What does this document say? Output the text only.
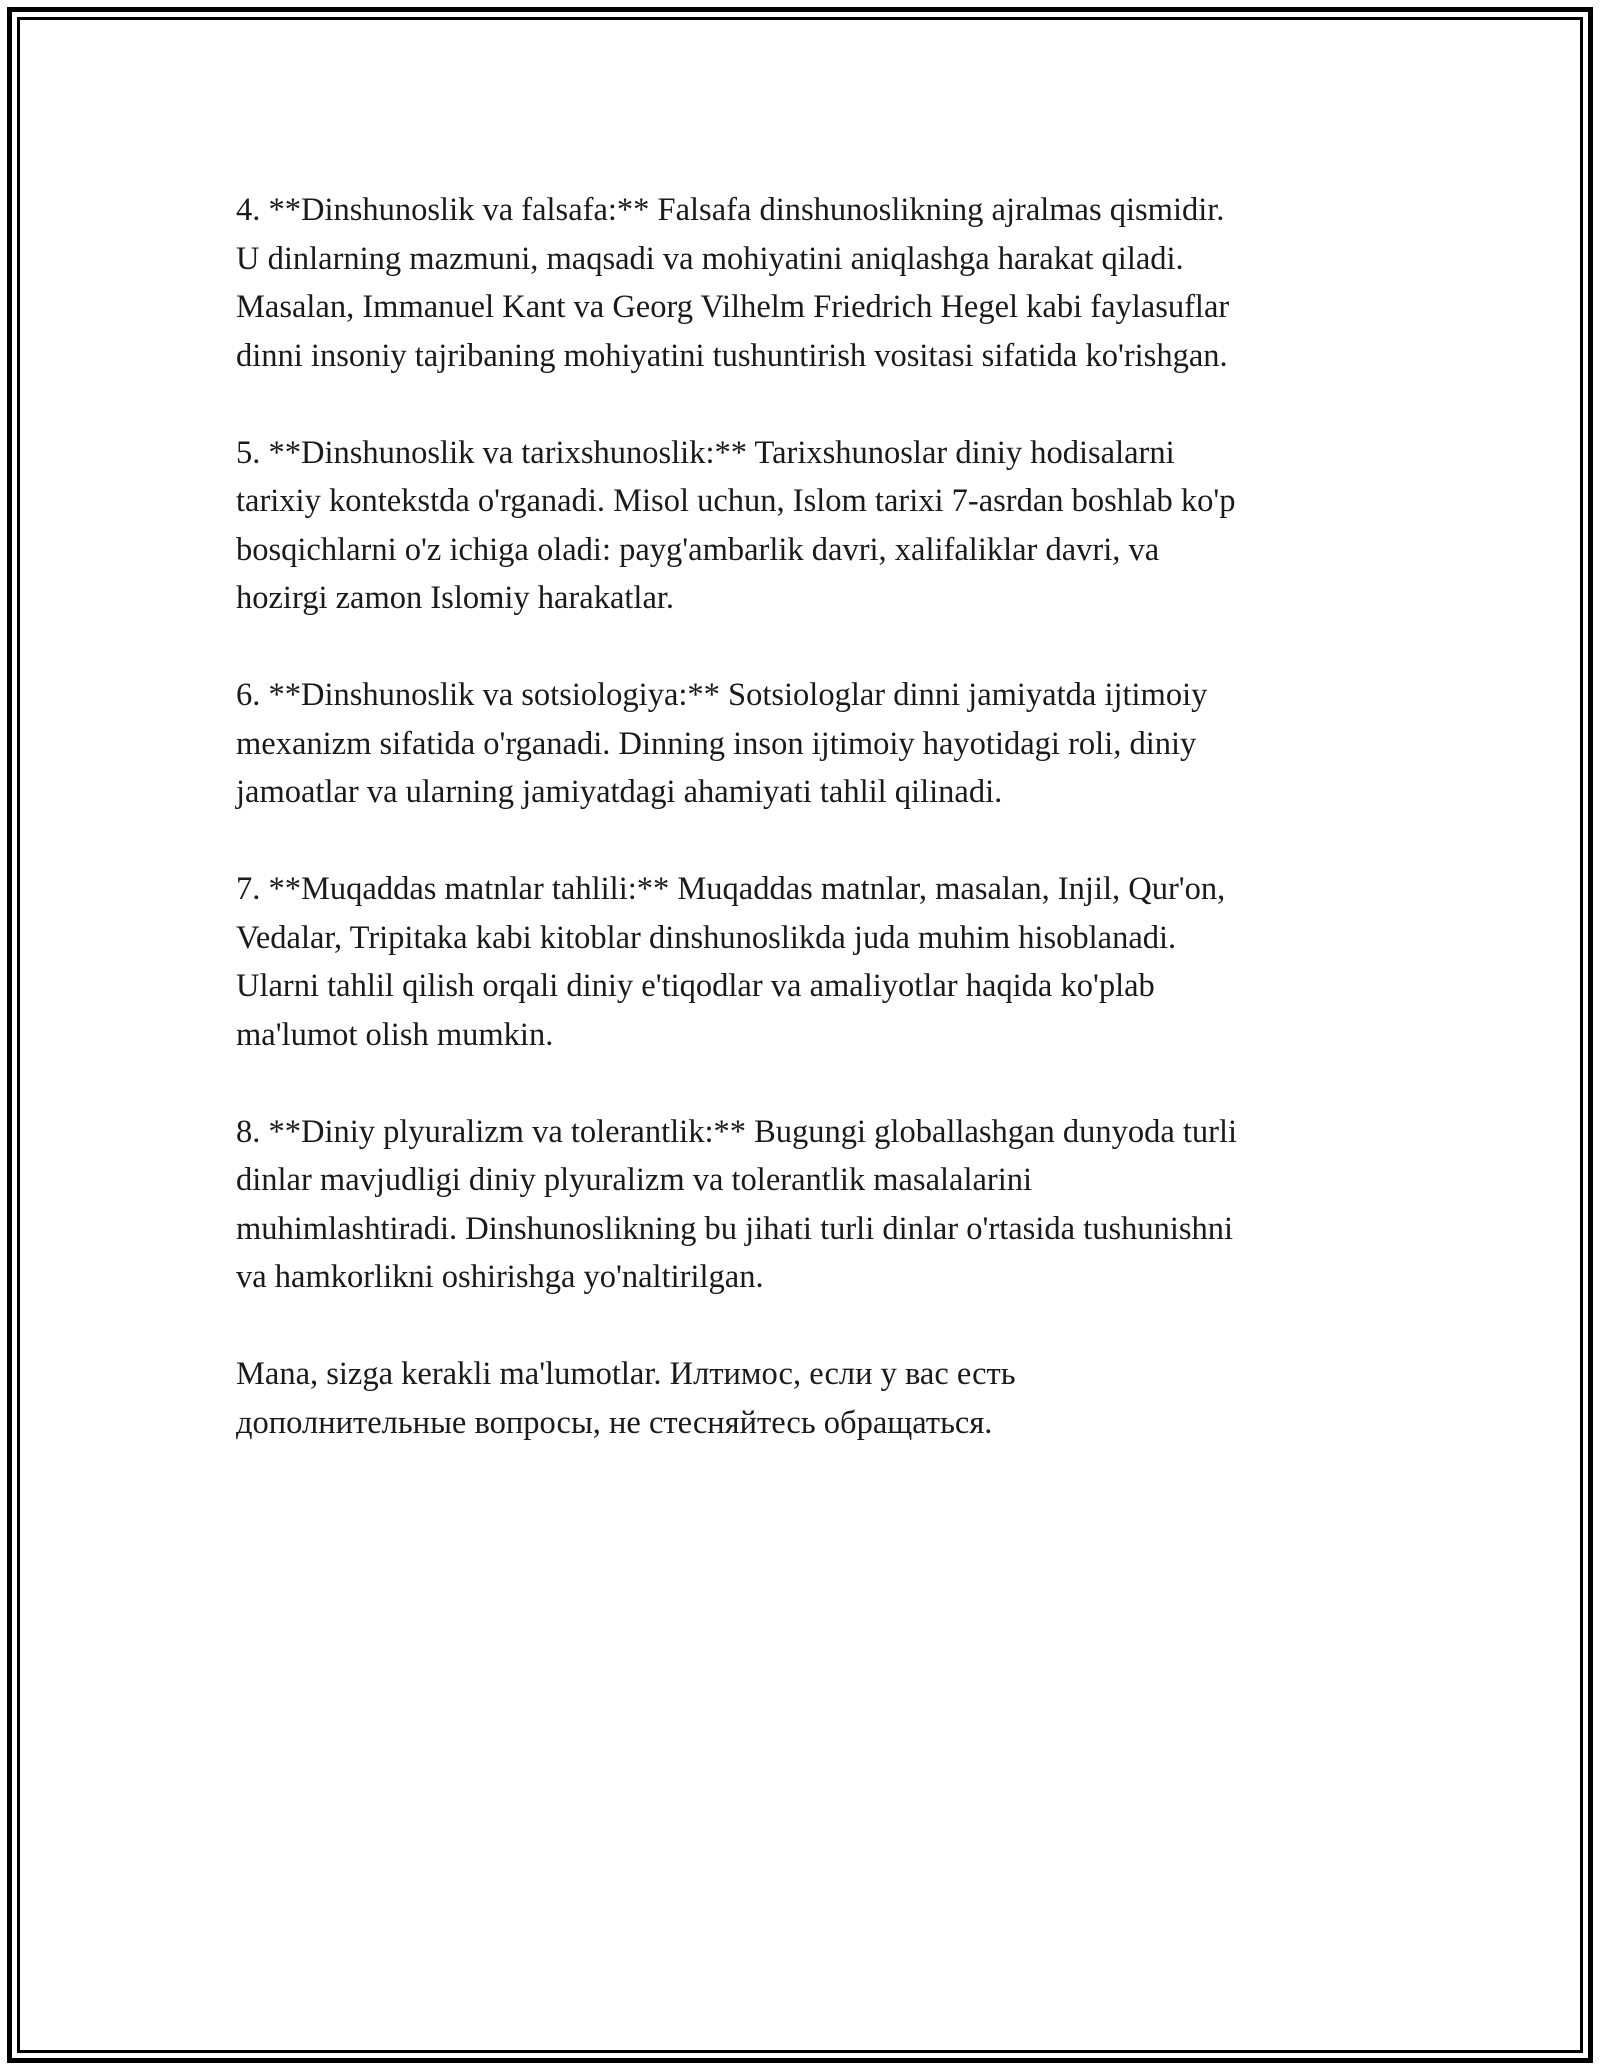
4. **Dinshunoslik va falsafa:** Falsafa dinshunoslikning ajralmas qismidir.
U dinlarning mazmuni, maqsadi va mohiyatini aniqlashga harakat qiladi.
Masalan, Immanuel Kant va Georg Vilhelm Friedrich Hegel kabi faylasuflar
dinni insoniy tajribaning mohiyatini tushuntirish vositasi sifatida ko'rishgan.

5. **Dinshunoslik va tarixshunoslik:** Tarixshunoslar diniy hodisalarni
tarixiy kontekstda o'rganadi. Misol uchun, Islom tarixi 7-asrdan boshlab ko'p
bosqichlarni o'z ichiga oladi: payg'ambarlik davri, xalifaliklar davri, va
hozirgi zamon Islomiy harakatlar.

6. **Dinshunoslik va sotsiologiya:** Sotsiologlar dinni jamiyatda ijtimoiy
mexanizm sifatida o'rganadi. Dinning inson ijtimoiy hayotidagi roli, diniy
jamoatlar va ularning jamiyatdagi ahamiyati tahlil qilinadi.

7. **Muqaddas matnlar tahlili:** Muqaddas matnlar, masalan, Injil, Qur'on,
Vedalar, Tripitaka kabi kitoblar dinshunoslikda juda muhim hisoblanadi.
Ularni tahlil qilish orqali diniy e'tiqodlar va amaliyotlar haqida ko'plab
ma'lumot olish mumkin.

8. **Diniy plyuralizm va tolerantlik:** Bugungi globallashgan dunyoda turli
dinlar mavjudligi diniy plyuralizm va tolerantlik masalalarini
muhimlashtiradi. Dinshunoslikning bu jihati turli dinlar o'rtasida tushunishni
va hamkorlikni oshirishga yo'naltirilgan.

Mana, sizga kerakli ma'lumotlar. Илтимос, если у вас есть
дополнительные вопросы, не стесняйтесь обращаться.
